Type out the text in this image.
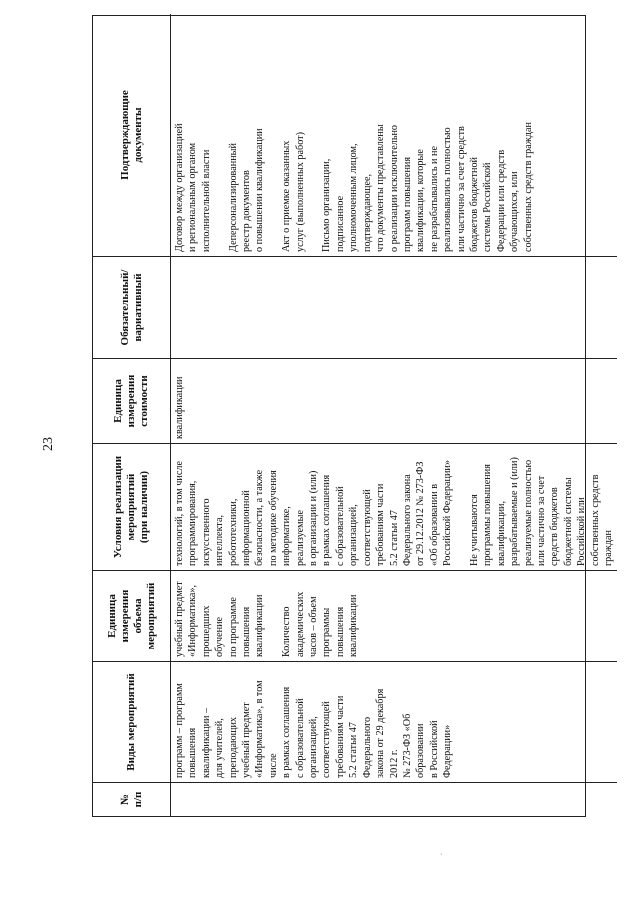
23
№
п/п
Виды мероприятий
Единица
измерения объема
мероприятий
Условия реализации
мероприятий
(при наличии)
Единица
измерения
стоимости
Обязательный/
вариативный
Подтверждающие
документы
программ – программ
повышения квалификации –
для учителей, преподающих
учебный предмет
«Информатика», в том числе
в рамках соглашения
с образовательной
организацией,
соответствующей
требованиям части
5.2 статьи 47 Федерального
закона от 29 декабря 2012 г.
№ 273-ФЗ «Об образовании
в Российской Федерации»
учебный предмет
«Информатика»,
прошедших
обучение
по программе
повышения
квалификации

Количество
академических
часов – объем
программы
повышения
квалификации
технологий, в том числе
программирования,
искусственного
интеллекта,
робототехники,
информационной
безопасности, а также
по методике обучения
информатике,
реализуемые
в организации и (или)
в рамках соглашения
с образовательной
организацией,
соответствующей
требованиям части
5.2 статьи 47
Федерального закона
от 29.12.2012 № 273-ФЗ
«Об образовании в
Российской Федерации»

Не учитываются
программы повышения
квалификации,
разрабатываемые и (или)
реализуемые полностью
или частично за счет
средств бюджетов
бюджетной системы
Российской или
собственных средств
граждан
квалификации
Договор между организацией
и региональным органом
исполнительной власти

Деперсонализированный
реестр документов
о повышении квалификации

Акт о приемке оказанных
услуг (выполненных работ)

Письмо организации,
подписанное
уполномоченным лицом,
подтверждающее,
что документы представлены
о реализации исключительно
программ повышения
квалификации, которые
не разрабатывались и не
реализовывались полностью
или частично за счет средств
бюджетов бюджетной
системы Российской
Федерации или средств
обучающихся, или
собственных средств граждан
·
